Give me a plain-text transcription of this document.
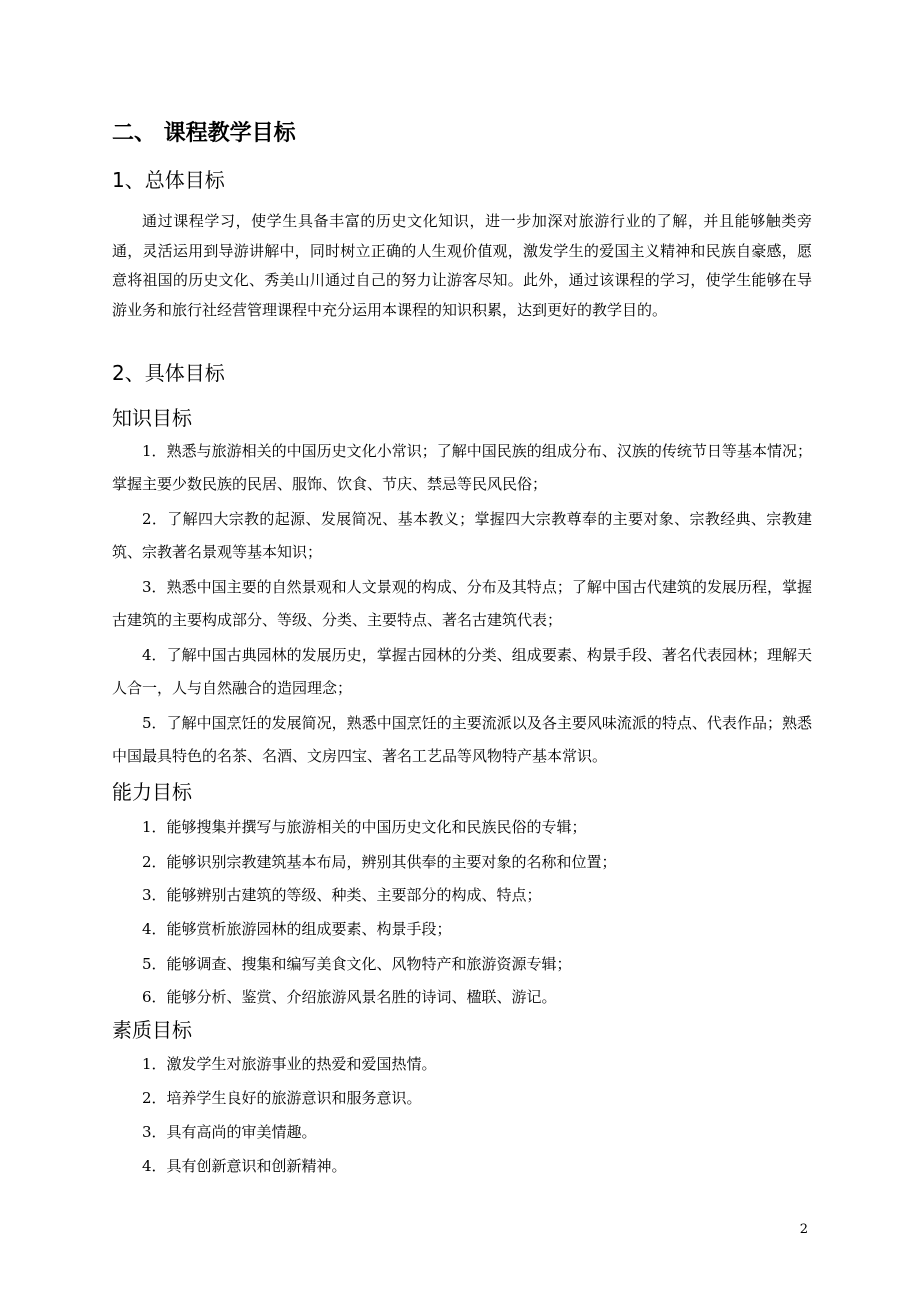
二、 课程教学目标
1、总体目标
通过课程学习，使学生具备丰富的历史文化知识，进一步加深对旅游行业的了解，并且能够触类旁通，灵活运用到导游讲解中，同时树立正确的人生观价值观，激发学生的爱国主义精神和民族自豪感，愿意将祖国的历史文化、秀美山川通过自己的努力让游客尽知。此外，通过该课程的学习，使学生能够在导游业务和旅行社经营管理课程中充分运用本课程的知识积累，达到更好的教学目的。
2、具体目标
知识目标
1．熟悉与旅游相关的中国历史文化小常识；了解中国民族的组成分布、汉族的传统节日等基本情况；掌握主要少数民族的民居、服饰、饮食、节庆、禁忌等民风民俗；
2．了解四大宗教的起源、发展简况、基本教义；掌握四大宗教尊奉的主要对象、宗教经典、宗教建筑、宗教著名景观等基本知识；
3．熟悉中国主要的自然景观和人文景观的构成、分布及其特点；了解中国古代建筑的发展历程，掌握古建筑的主要构成部分、等级、分类、主要特点、著名古建筑代表；
4．了解中国古典园林的发展历史，掌握古园林的分类、组成要素、构景手段、著名代表园林；理解天人合一，人与自然融合的造园理念；
5．了解中国烹饪的发展简况，熟悉中国烹饪的主要流派以及各主要风味流派的特点、代表作品；熟悉中国最具特色的名茶、名酒、文房四宝、著名工艺品等风物特产基本常识。
能力目标
1．能够搜集并撰写与旅游相关的中国历史文化和民族民俗的专辑；
2．能够识别宗教建筑基本布局，辨别其供奉的主要对象的名称和位置；
3．能够辨别古建筑的等级、种类、主要部分的构成、特点；
4．能够赏析旅游园林的组成要素、构景手段；
5．能够调查、搜集和编写美食文化、风物特产和旅游资源专辑；
6．能够分析、鉴赏、介绍旅游风景名胜的诗词、楹联、游记。
素质目标
1．激发学生对旅游事业的热爱和爱国热情。
2．培养学生良好的旅游意识和服务意识。
3．具有高尚的审美情趣。
4．具有创新意识和创新精神。
2
